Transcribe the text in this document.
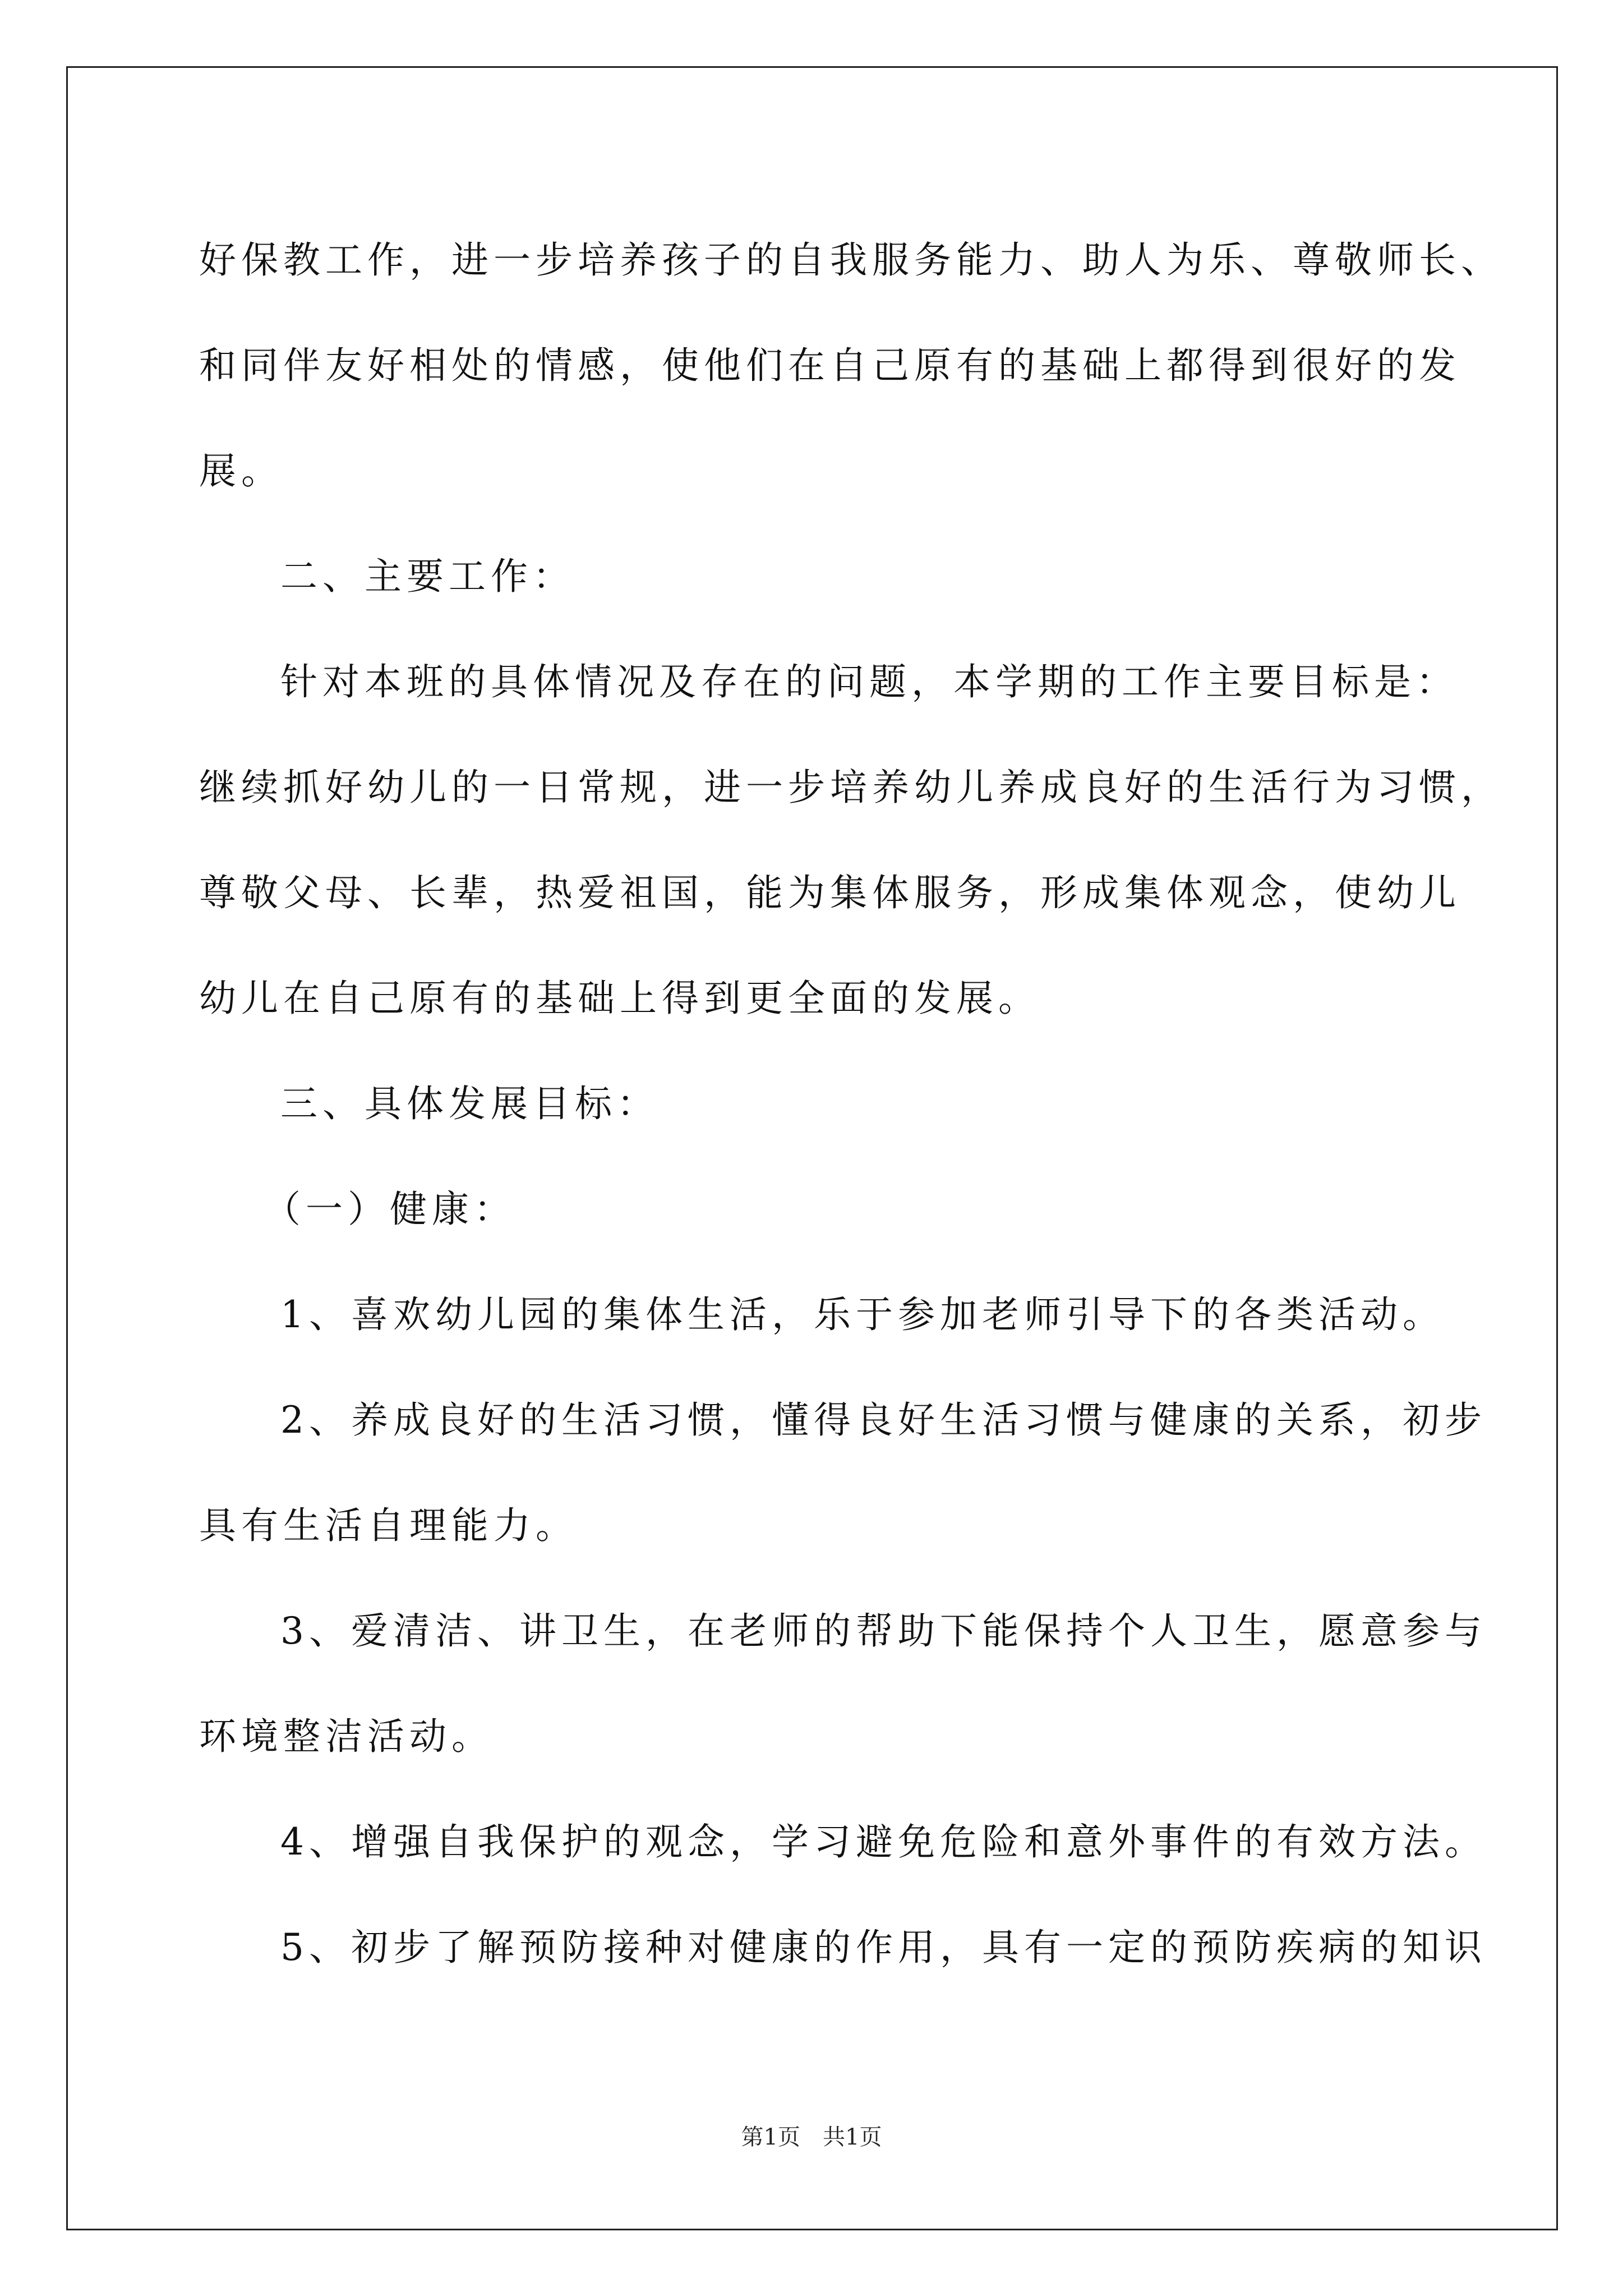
好保教工作，进一步培养孩子的自我服务能力、助人为乐、尊敬师长、
和同伴友好相处的情感，使他们在自己原有的基础上都得到很好的发
展。
二、主要工作：
针对本班的具体情况及存在的问题，本学期的工作主要目标是：
继续抓好幼儿的一日常规，进一步培养幼儿养成良好的生活行为习惯，
尊敬父母、长辈，热爱祖国，能为集体服务，形成集体观念，使幼儿
幼儿在自己原有的基础上得到更全面的发展。
三、具体发展目标：
（一）健康：
1、喜欢幼儿园的集体生活，乐于参加老师引导下的各类活动。
2、养成良好的生活习惯，懂得良好生活习惯与健康的关系，初步
具有生活自理能力。
3、爱清洁、讲卫生，在老师的帮助下能保持个人卫生，愿意参与
环境整洁活动。
4、增强自我保护的观念，学习避免危险和意外事件的有效方法。
5、初步了解预防接种对健康的作用，具有一定的预防疾病的知识
第1页　共1页
